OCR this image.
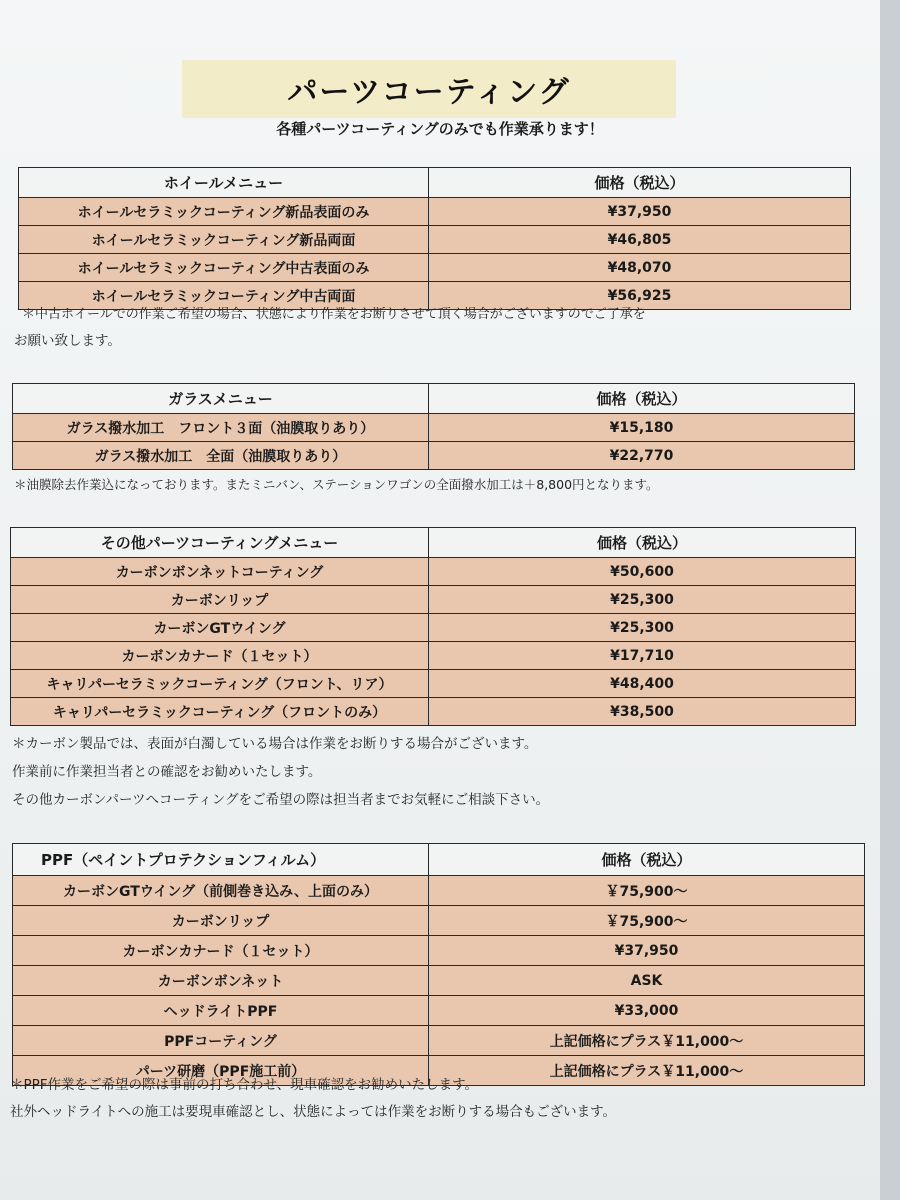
パーツコーティング
各種パーツコーティングのみでも作業承ります！
ホイールメニュー	価格（税込）
ホイールセラミックコーティング新品表面のみ	¥37,950
ホイールセラミックコーティング新品両面	¥46,805
ホイールセラミックコーティング中古表面のみ	¥48,070
ホイールセラミックコーティング中古両面	¥56,925
＊中古ホイールでの作業ご希望の場合、状態により作業をお断りさせて頂く場合がございますのでご了承を
お願い致します。
ガラスメニュー	価格（税込）
ガラス撥水加工　フロント３面（油膜取りあり）	¥15,180
ガラス撥水加工　全面（油膜取りあり）	¥22,770
＊油膜除去作業込になっております。またミニバン、ステーションワゴンの全面撥水加工は＋8,800円となります。
その他パーツコーティングメニュー	価格（税込）
カーボンボンネットコーティング	¥50,600
カーボンリップ	¥25,300
カーボンGTウイング	¥25,300
カーボンカナード（１セット）	¥17,710
キャリパーセラミックコーティング（フロント、リア）	¥48,400
キャリパーセラミックコーティング（フロントのみ）	¥38,500
＊カーボン製品では、表面が白濁している場合は作業をお断りする場合がございます。
作業前に作業担当者との確認をお勧めいたします。
その他カーボンパーツへコーティングをご希望の際は担当者までお気軽にご相談下さい。
PPF（ペイントプロテクションフィルム）	価格（税込）
カーボンGTウイング（前側巻き込み、上面のみ）	￥75,900～
カーボンリップ	￥75,900～
カーボンカナード（１セット）	¥37,950
カーボンボンネット	ASK
ヘッドライトPPF	¥33,000
PPFコーティング	上記価格にプラス￥11,000～
パーツ研磨（PPF施工前）	上記価格にプラス￥11,000～
＊PPF作業をご希望の際は事前の打ち合わせ、現車確認をお勧めいたします。
社外ヘッドライトへの施工は要現車確認とし、状態によっては作業をお断りする場合もございます。
